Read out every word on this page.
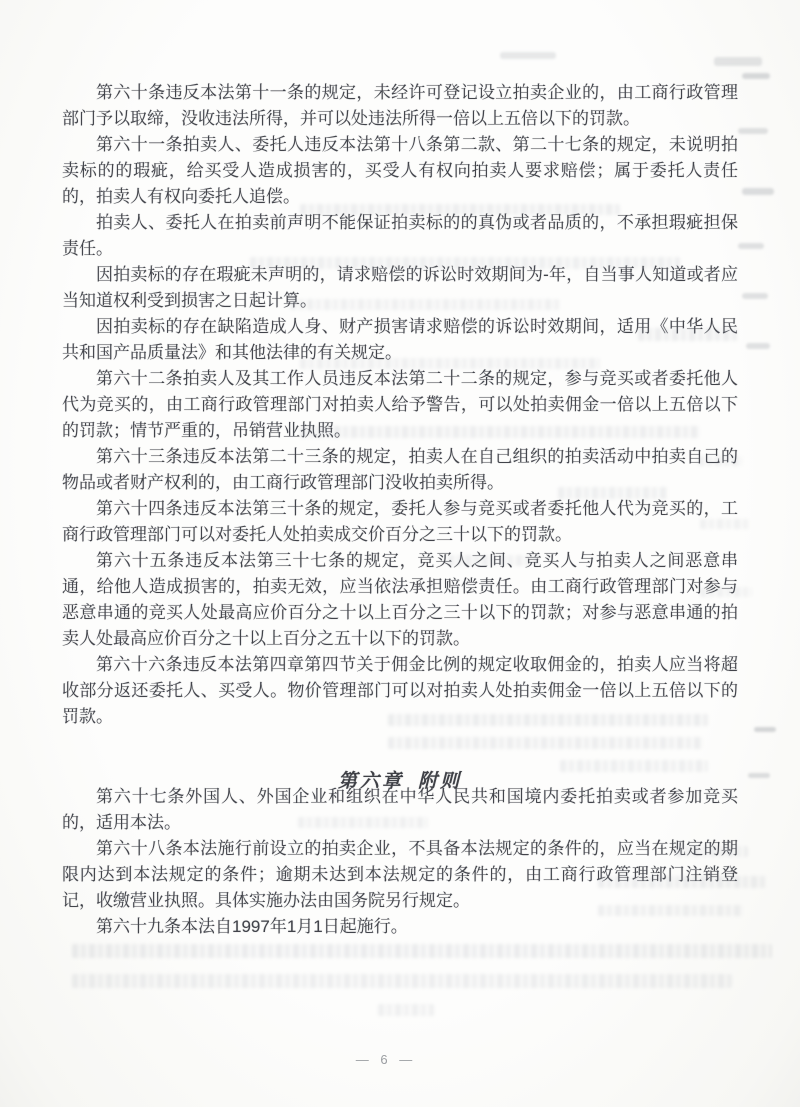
第六十条违反本法第十一条的规定，未经许可登记设立拍卖企业的，由工商行政管理部门予以取缔，没收违法所得，并可以处违法所得一倍以上五倍以下的罚款。

第六十一条拍卖人、委托人违反本法第十八条第二款、第二十七条的规定，未说明拍卖标的的瑕疵，给买受人造成损害的，买受人有权向拍卖人要求赔偿；属于委托人责任的，拍卖人有权向委托人追偿。

拍卖人、委托人在拍卖前声明不能保证拍卖标的的真伪或者品质的，不承担瑕疵担保责任。

因拍卖标的存在瑕疵未声明的，请求赔偿的诉讼时效期间为-年，自当事人知道或者应当知道权利受到损害之日起计算。

因拍卖标的存在缺陷造成人身、财产损害请求赔偿的诉讼时效期间，适用《中华人民共和国产品质量法》和其他法律的有关规定。

第六十二条拍卖人及其工作人员违反本法第二十二条的规定，参与竞买或者委托他人代为竞买的，由工商行政管理部门对拍卖人给予警告，可以处拍卖佣金一倍以上五倍以下的罚款；情节严重的，吊销营业执照。

第六十三条违反本法第二十三条的规定，拍卖人在自己组织的拍卖活动中拍卖自己的物品或者财产权利的，由工商行政管理部门没收拍卖所得。

第六十四条违反本法第三十条的规定，委托人参与竞买或者委托他人代为竞买的，工商行政管理部门可以对委托人处拍卖成交价百分之三十以下的罚款。

第六十五条违反本法第三十七条的规定，竞买人之间、竞买人与拍卖人之间恶意串通，给他人造成损害的，拍卖无效，应当依法承担赔偿责任。由工商行政管理部门对参与恶意串通的竞买人处最高应价百分之十以上百分之三十以下的罚款；对参与恶意串通的拍卖人处最高应价百分之十以上百分之五十以下的罚款。

第六十六条违反本法第四章第四节关于佣金比例的规定收取佣金的，拍卖人应当将超收部分返还委托人、买受人。物价管理部门可以对拍卖人处拍卖佣金一倍以上五倍以下的罚款。

第六章 附则

第六十七条外国人、外国企业和组织在中华人民共和国境内委托拍卖或者参加竞买的，适用本法。

第六十八条本法施行前设立的拍卖企业，不具备本法规定的条件的，应当在规定的期限内达到本法规定的条件；逾期未达到本法规定的条件的，由工商行政管理部门注销登记，收缴营业执照。具体实施办法由国务院另行规定。

第六十九条本法自1997年1月1日起施行。

— 6 —
